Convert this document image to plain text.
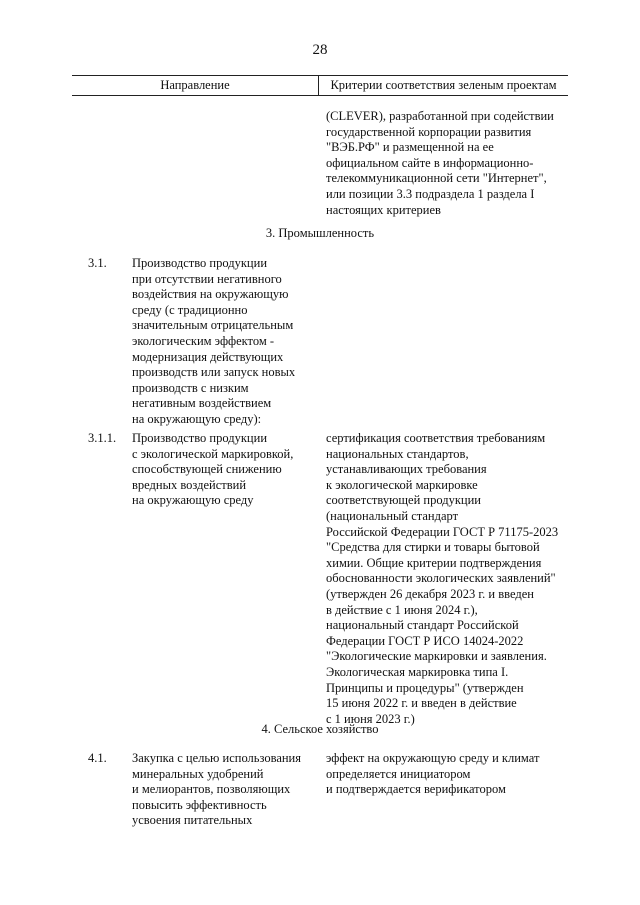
28
Направление	Критерии соответствия зеленым проектам
(CLEVER), разработанной при содействии
государственной корпорации развития
"ВЭБ.РФ" и размещенной на ее
официальном сайте в информационно-
телекоммуникационной сети "Интернет",
или позиции 3.3 подраздела 1 раздела I
настоящих критериев
3. Промышленность
3.1. Производство продукции
при отсутствии негативного
воздействия на окружающую
среду (с традиционно
значительным отрицательным
экологическим эффектом -
модернизация действующих
производств или запуск новых
производств с низким
негативным воздействием
на окружающую среду):
3.1.1. Производство продукции
с экологической маркировкой,
способствующей снижению
вредных воздействий
на окружающую среду
сертификация соответствия требованиям
национальных стандартов,
устанавливающих требования
к экологической маркировке
соответствующей продукции
(национальный стандарт
Российской Федерации ГОСТ Р 71175-2023
"Средства для стирки и товары бытовой
химии. Общие критерии подтверждения
обоснованности экологических заявлений"
(утвержден 26 декабря 2023 г. и введен
в действие с 1 июня 2024 г.),
национальный стандарт Российской
Федерации ГОСТ Р ИСО 14024-2022
"Экологические маркировки и заявления.
Экологическая маркировка типа I.
Принципы и процедуры" (утвержден
15 июня 2022 г. и введен в действие
с 1 июня 2023 г.)
4. Сельское хозяйство
4.1. Закупка с целью использования
минеральных удобрений
и мелиорантов, позволяющих
повысить эффективность
усвоения питательных
эффект на окружающую среду и климат
определяется инициатором
и подтверждается верификатором
